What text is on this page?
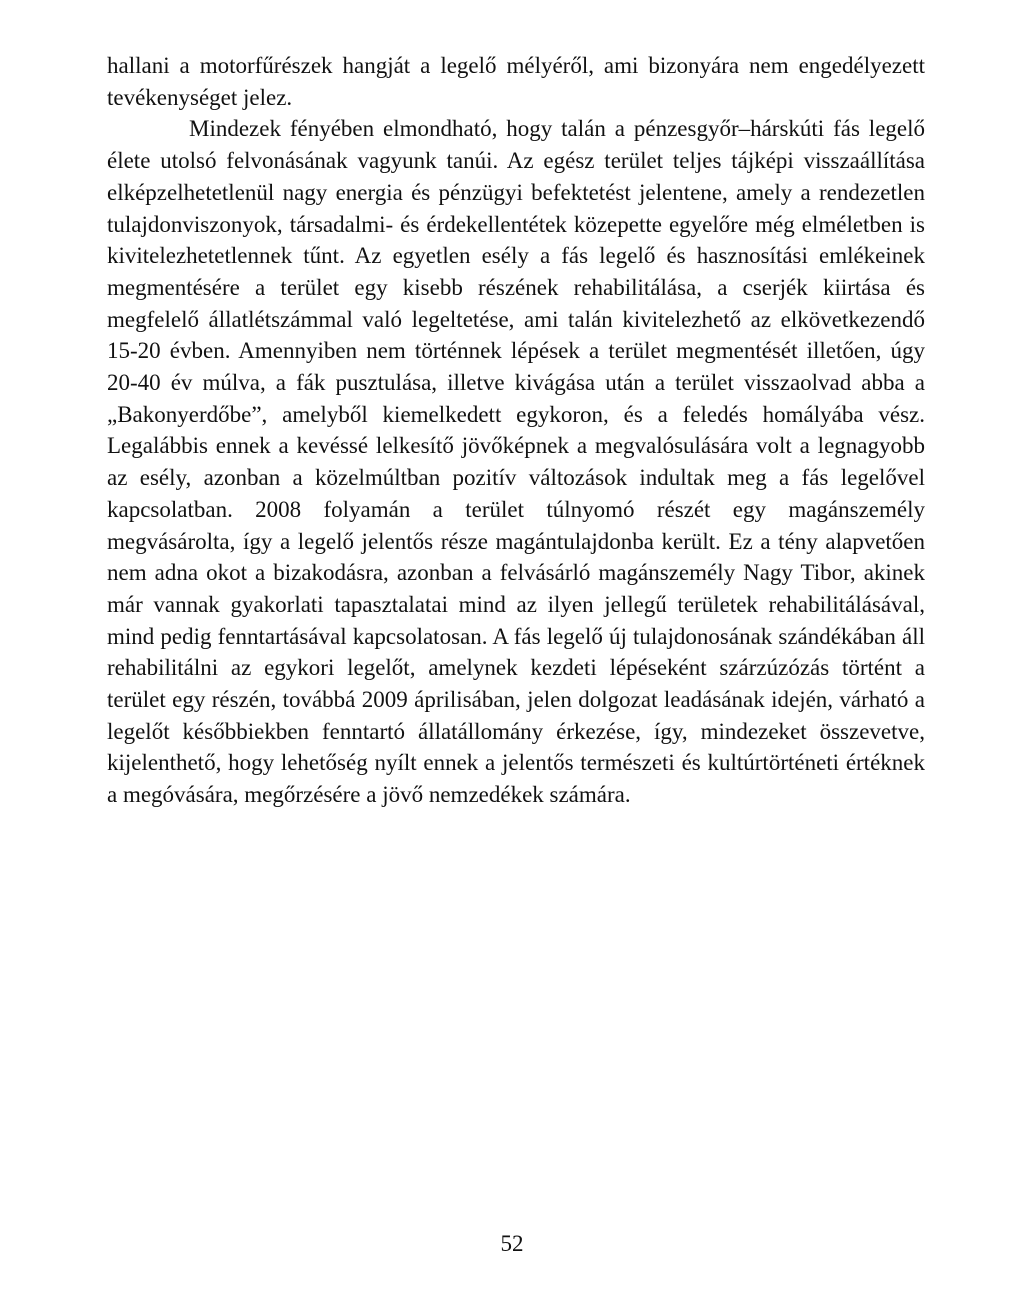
hallani a motorfűrészek hangját a legelő mélyéről, ami bizonyára nem engedélyezett tevékenységet jelez.

Mindezek fényében elmondható, hogy talán a pénzesgyőr–hárskúti fás legelő élete utolsó felvonásának vagyunk tanúi. Az egész terület teljes tájképi visszaállítása elképzelhetetlenül nagy energia és pénzügyi befektetést jelentene, amely a rendezetlen tulajdonviszonyok, társadalmi- és érdekellentétek közepette egyelőre még elméletben is kivitelezhetetlennek tűnt. Az egyetlen esély a fás legelő és hasznosítási emlékeinek megmentésére a terület egy kisebb részének rehabilitálása, a cserjék kiirtása és megfelelő állatlétszámmal való legeltetése, ami talán kivitelezhető az elkövetkezendő 15-20 évben. Amennyiben nem történnek lépések a terület megmentését illetően, úgy 20-40 év múlva, a fák pusztulása, illetve kivágása után a terület visszaolvad abba a „Bakonyerdőbe”, amelyből kiemelkedett egykoron, és a feledés homályába vész. Legalábbis ennek a kevéssé lelkesítő jövőképnek a megvalósulására volt a legnagyobb az esély, azonban a közelmúltban pozitív változások indultak meg a fás legelővel kapcsolatban. 2008 folyamán a terület túlnyomó részét egy magánszemély megvásárolta, így a legelő jelentős része magántulajdonba került. Ez a tény alapvetően nem adna okot a bizakodásra, azonban a felvásárló magánszemély Nagy Tibor, akinek már vannak gyakorlati tapasztalatai mind az ilyen jellegű területek rehabilitálásával, mind pedig fenntartásával kapcsolatosan. A fás legelő új tulajdonosának szándékában áll rehabilitálni az egykori legelőt, amelynek kezdeti lépéseként szárzúzózás történt a terület egy részén, továbbá 2009 áprilisában, jelen dolgozat leadásának idején, várható a legelőt későbbiekben fenntartó állatállomány érkezése, így, mindezeket összevetve, kijelenthető, hogy lehetőség nyílt ennek a jelentős természeti és kultúrtörténeti értéknek a megóvására, megőrzésére a jövő nemzedékek számára.

52
